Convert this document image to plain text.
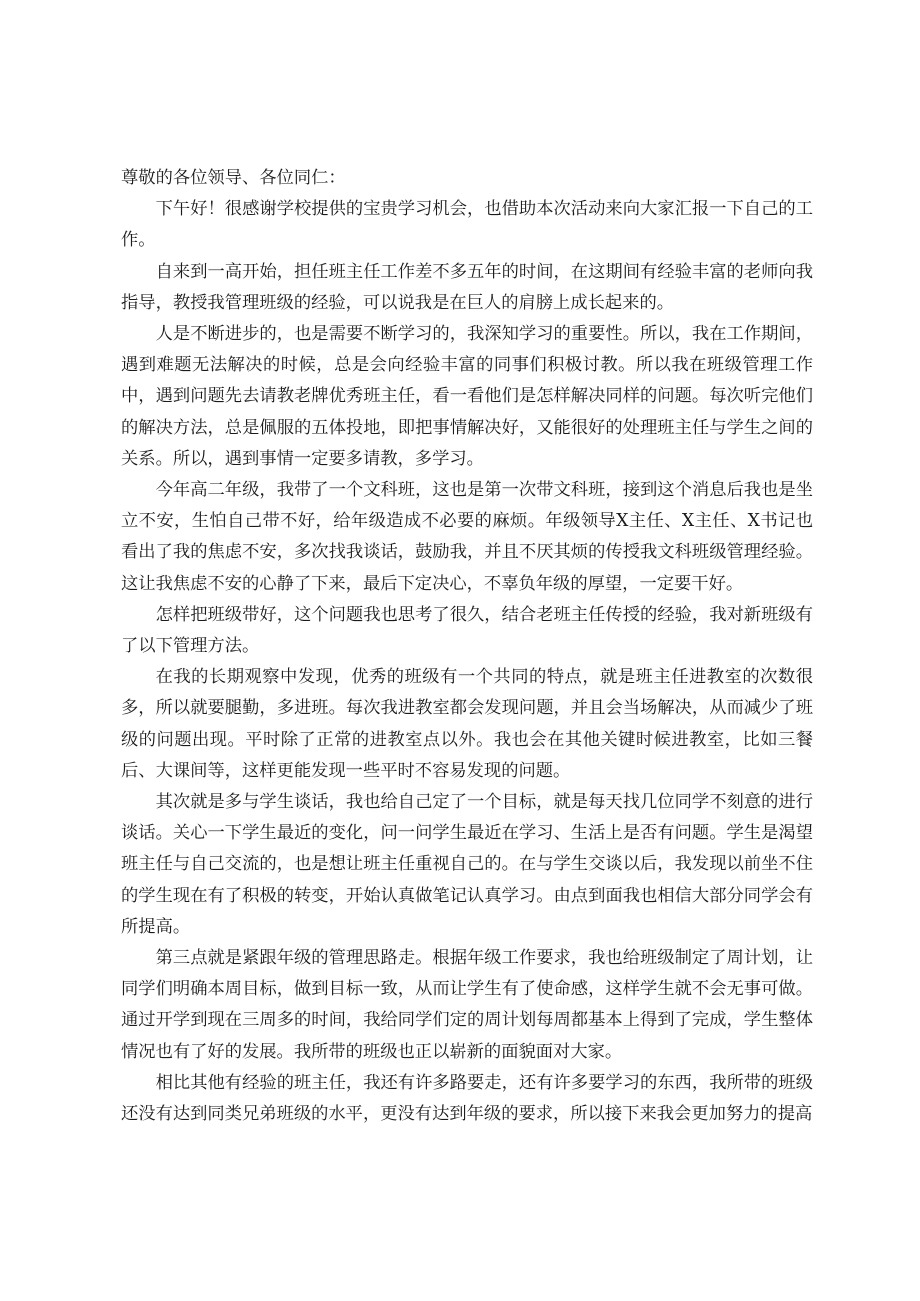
尊敬的各位领导、各位同仁：

下午好！很感谢学校提供的宝贵学习机会，也借助本次活动来向大家汇报一下自己的工作。

自来到一高开始，担任班主任工作差不多五年的时间，在这期间有经验丰富的老师向我指导，教授我管理班级的经验，可以说我是在巨人的肩膀上成长起来的。

人是不断进步的，也是需要不断学习的，我深知学习的重要性。所以，我在工作期间，遇到难题无法解决的时候，总是会向经验丰富的同事们积极讨教。所以我在班级管理工作中，遇到问题先去请教老牌优秀班主任，看一看他们是怎样解决同样的问题。每次听完他们的解决方法，总是佩服的五体投地，即把事情解决好，又能很好的处理班主任与学生之间的关系。所以，遇到事情一定要多请教，多学习。

今年高二年级，我带了一个文科班，这也是第一次带文科班，接到这个消息后我也是坐立不安，生怕自己带不好，给年级造成不必要的麻烦。年级领导X主任、X主任、X书记也看出了我的焦虑不安，多次找我谈话，鼓励我，并且不厌其烦的传授我文科班级管理经验。这让我焦虑不安的心静了下来，最后下定决心，不辜负年级的厚望，一定要干好。

怎样把班级带好，这个问题我也思考了很久，结合老班主任传授的经验，我对新班级有了以下管理方法。

在我的长期观察中发现，优秀的班级有一个共同的特点，就是班主任进教室的次数很多，所以就要腿勤，多进班。每次我进教室都会发现问题，并且会当场解决，从而减少了班级的问题出现。平时除了正常的进教室点以外。我也会在其他关键时候进教室，比如三餐后、大课间等，这样更能发现一些平时不容易发现的问题。

其次就是多与学生谈话，我也给自己定了一个目标，就是每天找几位同学不刻意的进行谈话。关心一下学生最近的变化，问一问学生最近在学习、生活上是否有问题。学生是渴望班主任与自己交流的，也是想让班主任重视自己的。在与学生交谈以后，我发现以前坐不住的学生现在有了积极的转变，开始认真做笔记认真学习。由点到面我也相信大部分同学会有所提高。

第三点就是紧跟年级的管理思路走。根据年级工作要求，我也给班级制定了周计划，让同学们明确本周目标，做到目标一致，从而让学生有了使命感，这样学生就不会无事可做。通过开学到现在三周多的时间，我给同学们定的周计划每周都基本上得到了完成，学生整体情况也有了好的发展。我所带的班级也正以崭新的面貌面对大家。

相比其他有经验的班主任，我还有许多路要走，还有许多要学习的东西，我所带的班级还没有达到同类兄弟班级的水平，更没有达到年级的要求，所以接下来我会更加努力的提高
